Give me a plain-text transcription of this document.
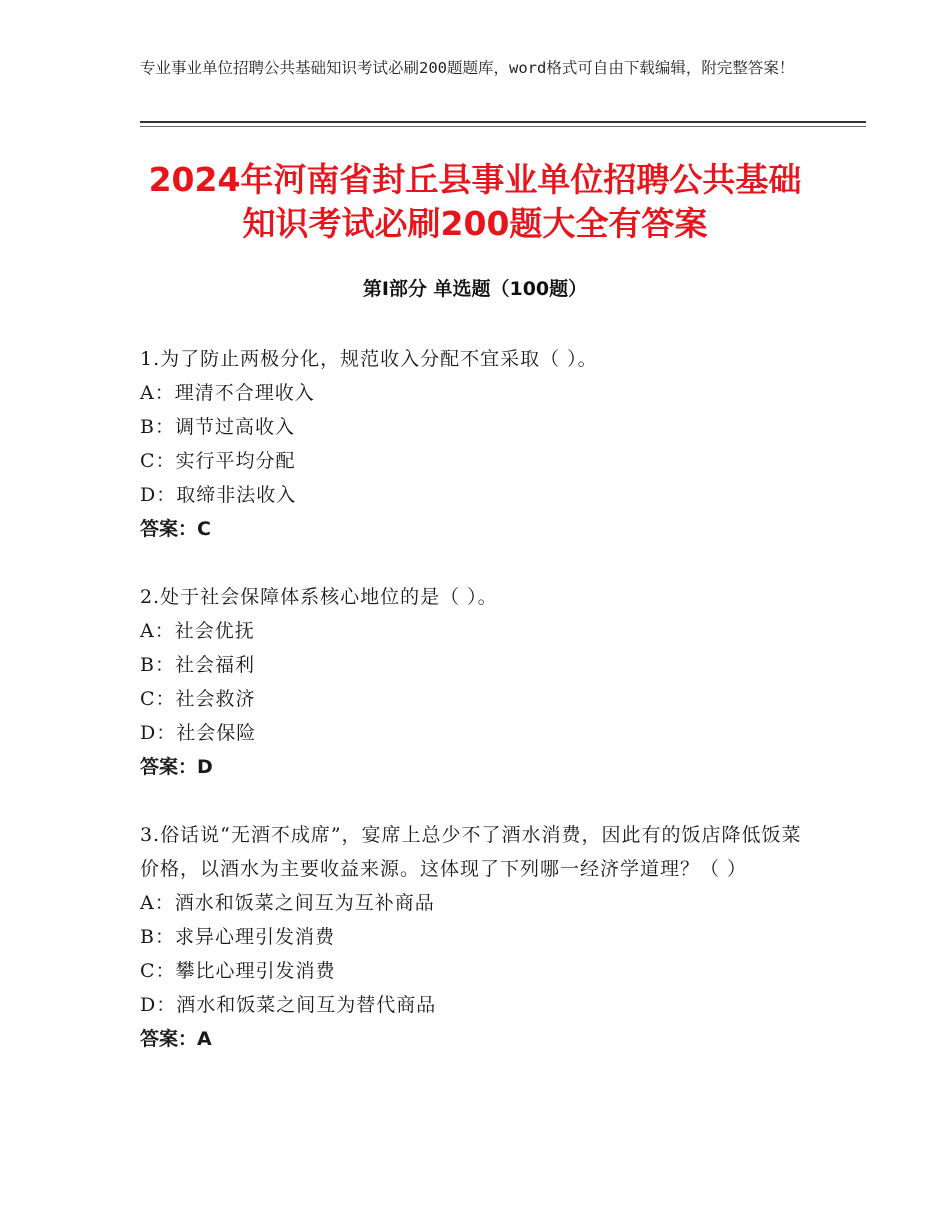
专业事业单位招聘公共基础知识考试必刷200题题库，word格式可自由下载编辑，附完整答案！
2024年河南省封丘县事业单位招聘公共基础
知识考试必刷200题大全有答案
第Ⅰ部分 单选题（100题）

1.为了防止两极分化，规范收入分配不宜采取（ ）。

A：理清不合理收入

B：调节过高收入

C：实行平均分配

D：取缔非法收入

答案：C

2.处于社会保障体系核心地位的是（ ）。

A：社会优抚

B：社会福利

C：社会救济

D：社会保险

答案：D

3.俗话说“无酒不成席”，宴席上总少不了酒水消费，因此有的饭店降低饭菜价格，以酒水为主要收益来源。这体现了下列哪一经济学道理？（ ）

A：酒水和饭菜之间互为互补商品

B：求异心理引发消费

C：攀比心理引发消费

D：酒水和饭菜之间互为替代商品

答案：A
